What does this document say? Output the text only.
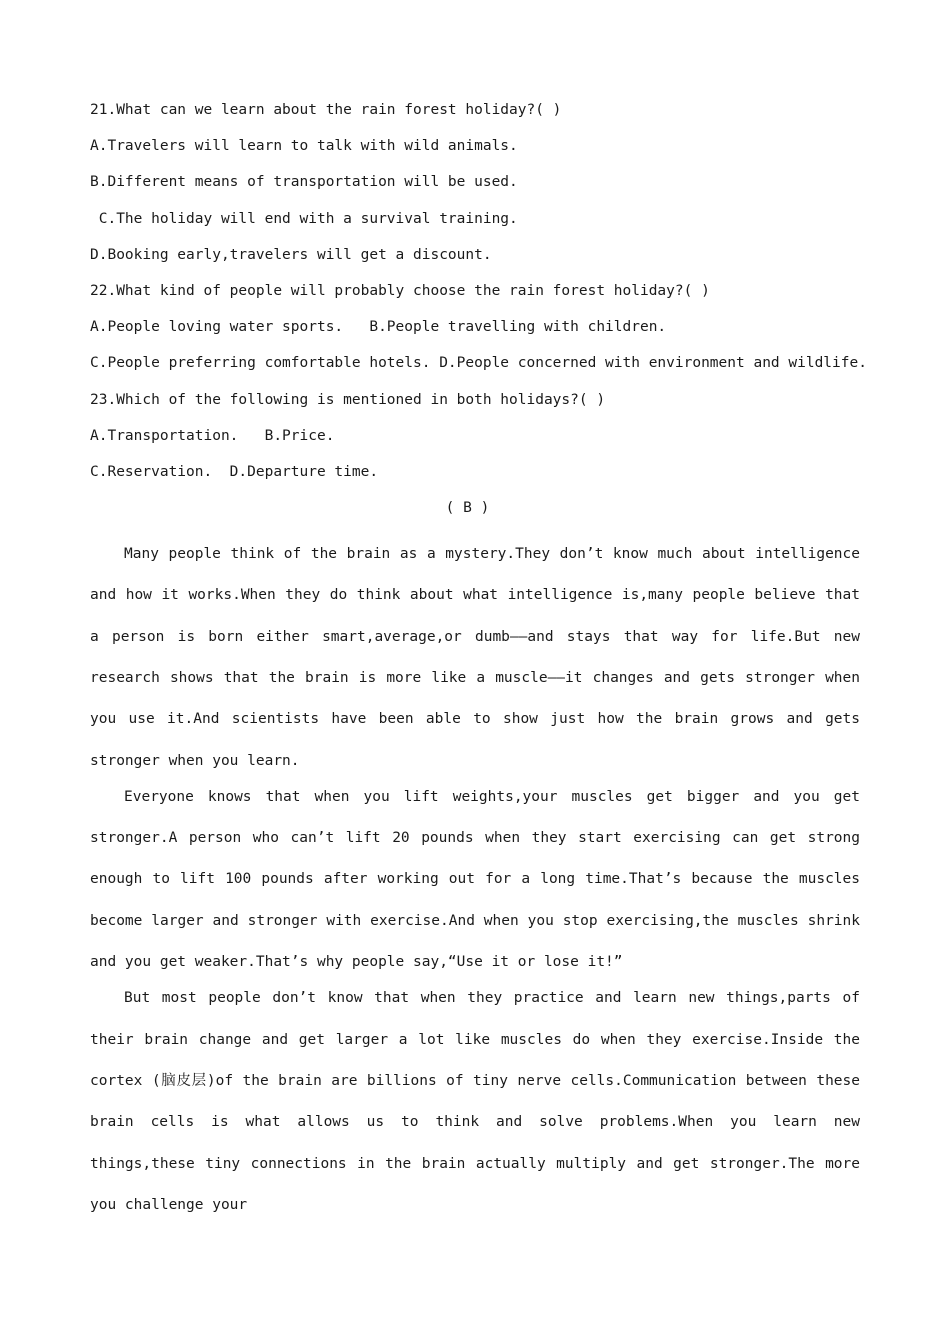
21.What can we learn about the rain forest holiday?( )
A.Travelers will learn to talk with wild animals.
B.Different means of transportation will be used.
C.The holiday will end with a survival training.
D.Booking early,travelers will get a discount.
22.What kind of people will probably choose the rain forest holiday?( )
A.People loving water sports.   B.People travelling with children.
C.People preferring comfortable hotels. D.People concerned with environment and wildlife.
23.Which of the following is mentioned in both holidays?( )
A.Transportation.   B.Price.
C.Reservation.  D.Departure time.
( B )

Many people think of the brain as a mystery.They don’t know much about intelligence and how it works.When they do think about what intelligence is,many people believe that a person is born either smart,average,or dumb——and stays that way for life.But new research shows that the brain is more like a muscle——it changes and gets stronger when you use it.And scientists have been able to show just how the brain grows and gets stronger when you learn.

Everyone knows that when you lift weights,your muscles get bigger and you get stronger.A person who can’t lift 20 pounds when they start exercising can get strong enough to lift 100 pounds after working out for a long time.That’s because the muscles become larger and stronger with exercise.And when you stop exercising,the muscles shrink and you get weaker.That’s why people say,“Use it or lose it!”

But most people don’t know that when they practice and learn new things,parts of their brain change and get larger a lot like muscles do when they exercise.Inside the cortex (脑皮层)of the brain are billions of tiny nerve cells.Communication between these brain cells is what allows us to think and solve problems.When you learn new things,these tiny connections in the brain actually multiply and get stronger.The more you challenge your
